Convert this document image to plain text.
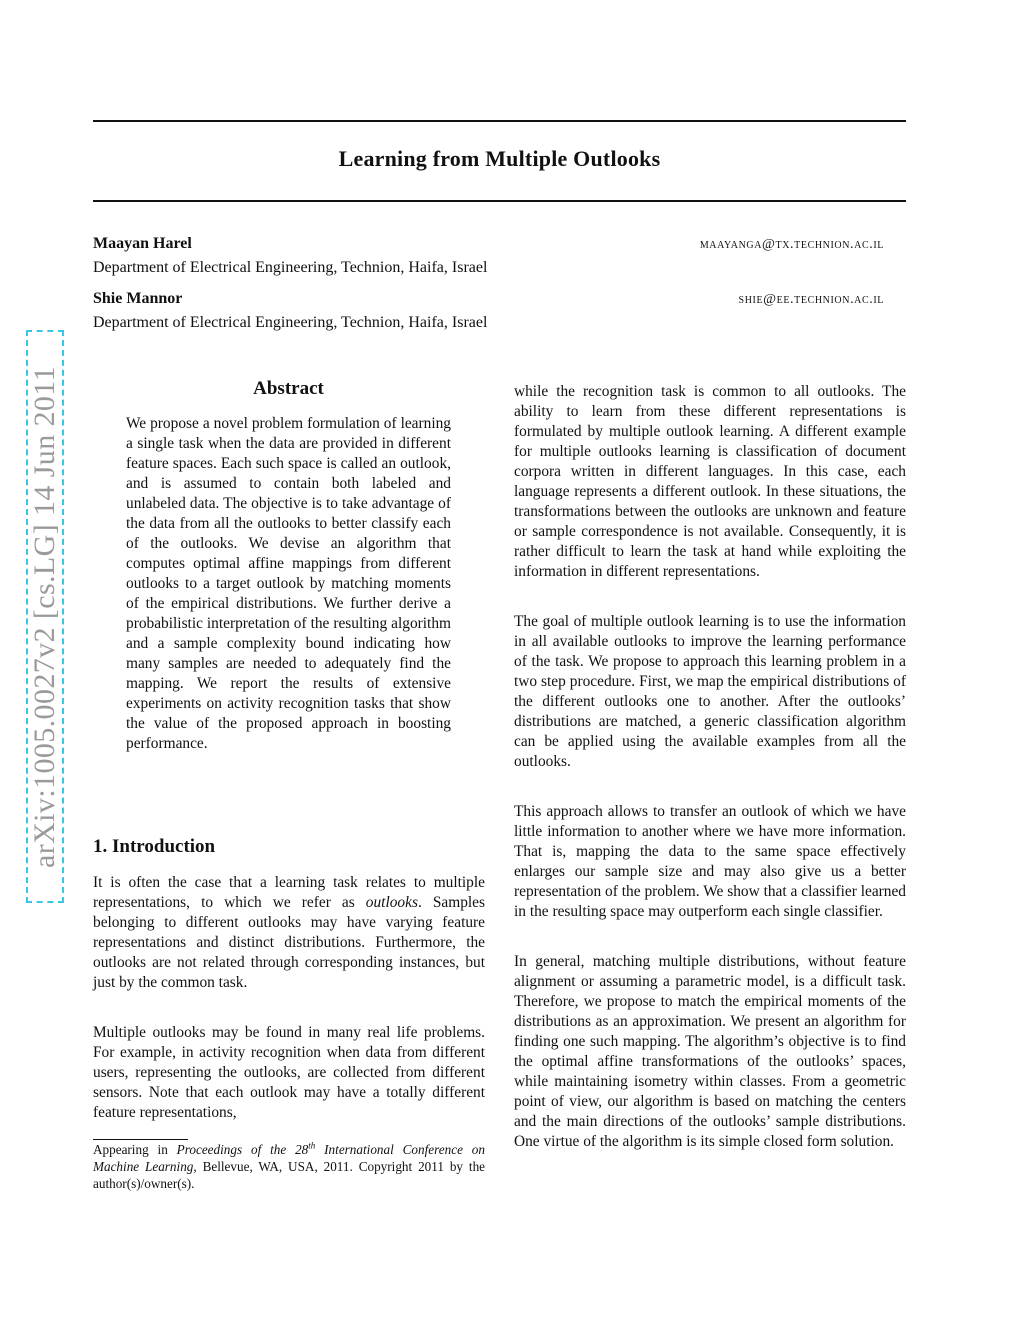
Learning from Multiple Outlooks
Maayan Harel	maayanga@tx.technion.ac.il
Department of Electrical Engineering, Technion, Haifa, Israel
Shie Mannor	shie@ee.technion.ac.il
Department of Electrical Engineering, Technion, Haifa, Israel
arXiv:1005.0027v2 [cs.LG] 14 Jun 2011	Abstract

We propose a novel problem formulation of learning a single task when the data are provided in different feature spaces. Each such space is called an outlook, and is assumed to contain both labeled and unlabeled data. The objective is to take advantage of the data from all the outlooks to better classify each of the outlooks. We devise an algorithm that computes optimal affine mappings from different outlooks to a target outlook by matching moments of the empirical distributions. We further derive a probabilistic interpretation of the resulting algorithm and a sample complexity bound indicating how many samples are needed to adequately find the mapping. We report the results of extensive experiments on activity recognition tasks that show the value of the proposed approach in boosting performance.

1. Introduction

It is often the case that a learning task relates to multiple representations, to which we refer as outlooks. Samples belonging to different outlooks may have varying feature representations and distinct distributions. Furthermore, the outlooks are not related through corresponding instances, but just by the common task.

Multiple outlooks may be found in many real life problems. For example, in activity recognition when data from different users, representing the outlooks, are collected from different sensors. Note that each outlook may have a totally different feature representations,

Appearing in Proceedings of the 28th International Conference on Machine Learning, Bellevue, WA, USA, 2011. Copyright 2011 by the author(s)/owner(s).

while the recognition task is common to all outlooks. The ability to learn from these different representations is formulated by multiple outlook learning. A different example for multiple outlooks learning is classification of document corpora written in different languages. In this case, each language represents a different outlook. In these situations, the transformations between the outlooks are unknown and feature or sample correspondence is not available. Consequently, it is rather difficult to learn the task at hand while exploiting the information in different representations.

The goal of multiple outlook learning is to use the information in all available outlooks to improve the learning performance of the task. We propose to approach this learning problem in a two step procedure. First, we map the empirical distributions of the different outlooks one to another. After the outlooks’ distributions are matched, a generic classification algorithm can be applied using the available examples from all the outlooks.

This approach allows to transfer an outlook of which we have little information to another where we have more information. That is, mapping the data to the same space effectively enlarges our sample size and may also give us a better representation of the problem. We show that a classifier learned in the resulting space may outperform each single classifier.

In general, matching multiple distributions, without feature alignment or assuming a parametric model, is a difficult task. Therefore, we propose to match the empirical moments of the distributions as an approximation. We present an algorithm for finding one such mapping. The algorithm’s objective is to find the optimal affine transformations of the outlooks’ spaces, while maintaining isometry within classes. From a geometric point of view, our algorithm is based on matching the centers and the main directions of the outlooks’ sample distributions. One virtue of the algorithm is its simple closed form solution.
